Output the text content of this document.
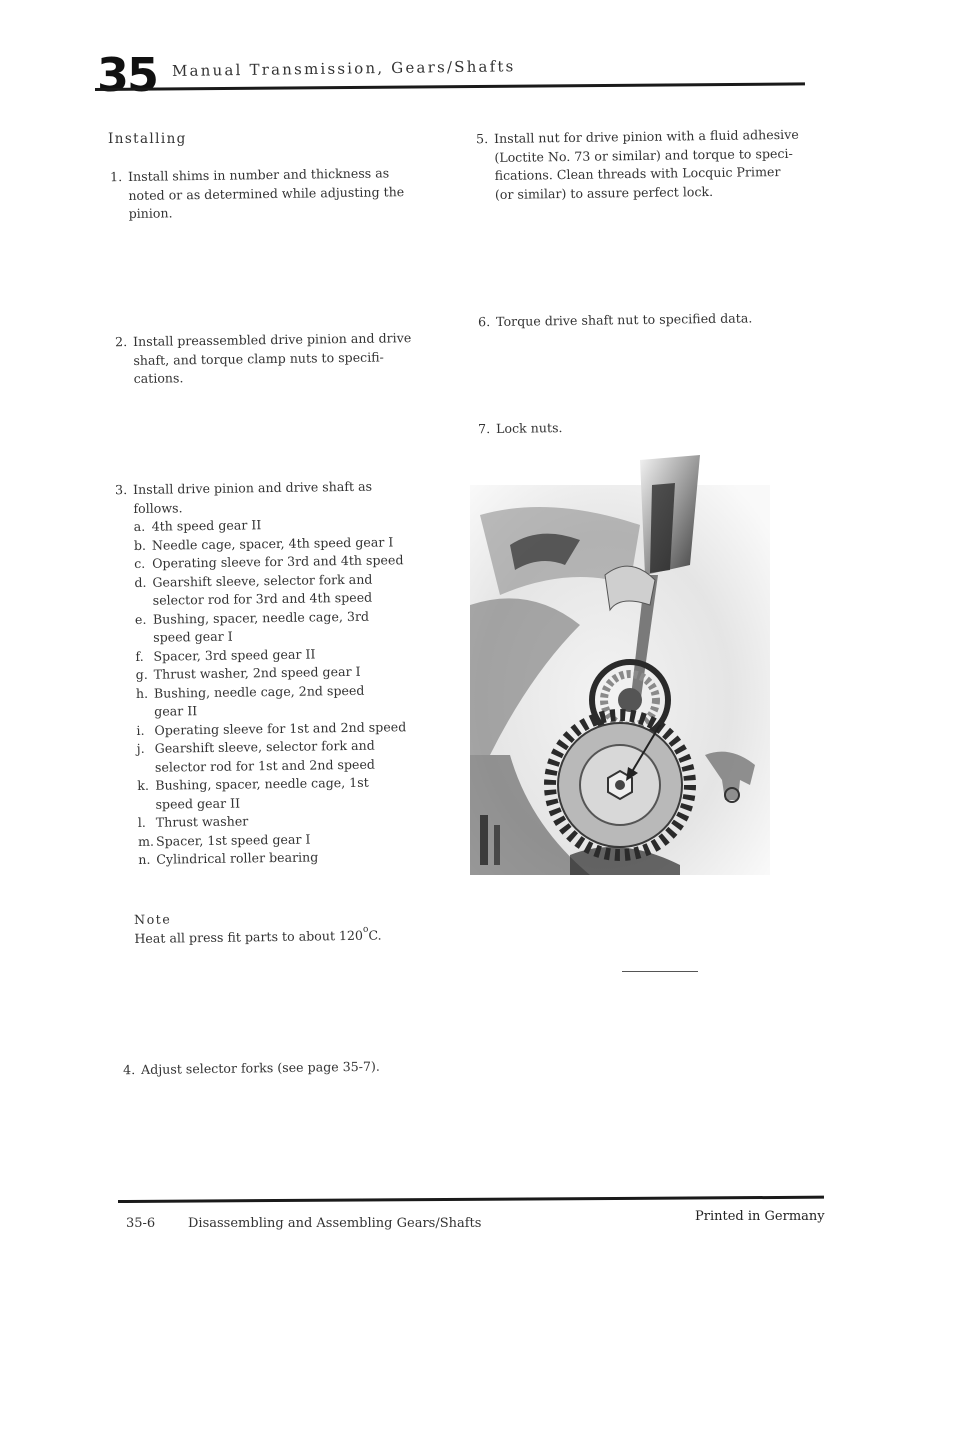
35 Manual Transmission, Gears/Shafts
Installing
1. Install shims in number and thickness as
noted or as determined while adjusting the
pinion.
2. Install preassembled drive pinion and drive
shaft, and torque clamp nuts to specifi-
cations.
3. Install drive pinion and drive shaft as
follows.
a. 4th speed gear II
b. Needle cage, spacer, 4th speed gear I
c. Operating sleeve for 3rd and 4th speed
d. Gearshift sleeve, selector fork and
selector rod for 3rd and 4th speed
e. Bushing, spacer, needle cage, 3rd
speed gear I
f. Spacer, 3rd speed gear II
g. Thrust washer, 2nd speed gear I
h. Bushing, needle cage, 2nd speed
gear II
i. Operating sleeve for 1st and 2nd speed
j. Gearshift sleeve, selector fork and
selector rod for 1st and 2nd speed
k. Bushing, spacer, needle cage, 1st
speed gear II
l. Thrust washer
m. Spacer, 1st speed gear I
n. Cylindrical roller bearing
Note
Heat all press fit parts to about 120$^o$C.
4. Adjust selector forks (see page 35-7).
5. Install nut for drive pinion with a fluid adhesive
(Loctite No. 73 or similar) and torque to speci-
fications. Clean threads with Locquic Primer
(or similar) to assure perfect lock.
6. Torque drive shaft nut to specified data.
7. Lock nuts.
35-6	Disassembling and Assembling Gears/Shafts	Printed in Germany
